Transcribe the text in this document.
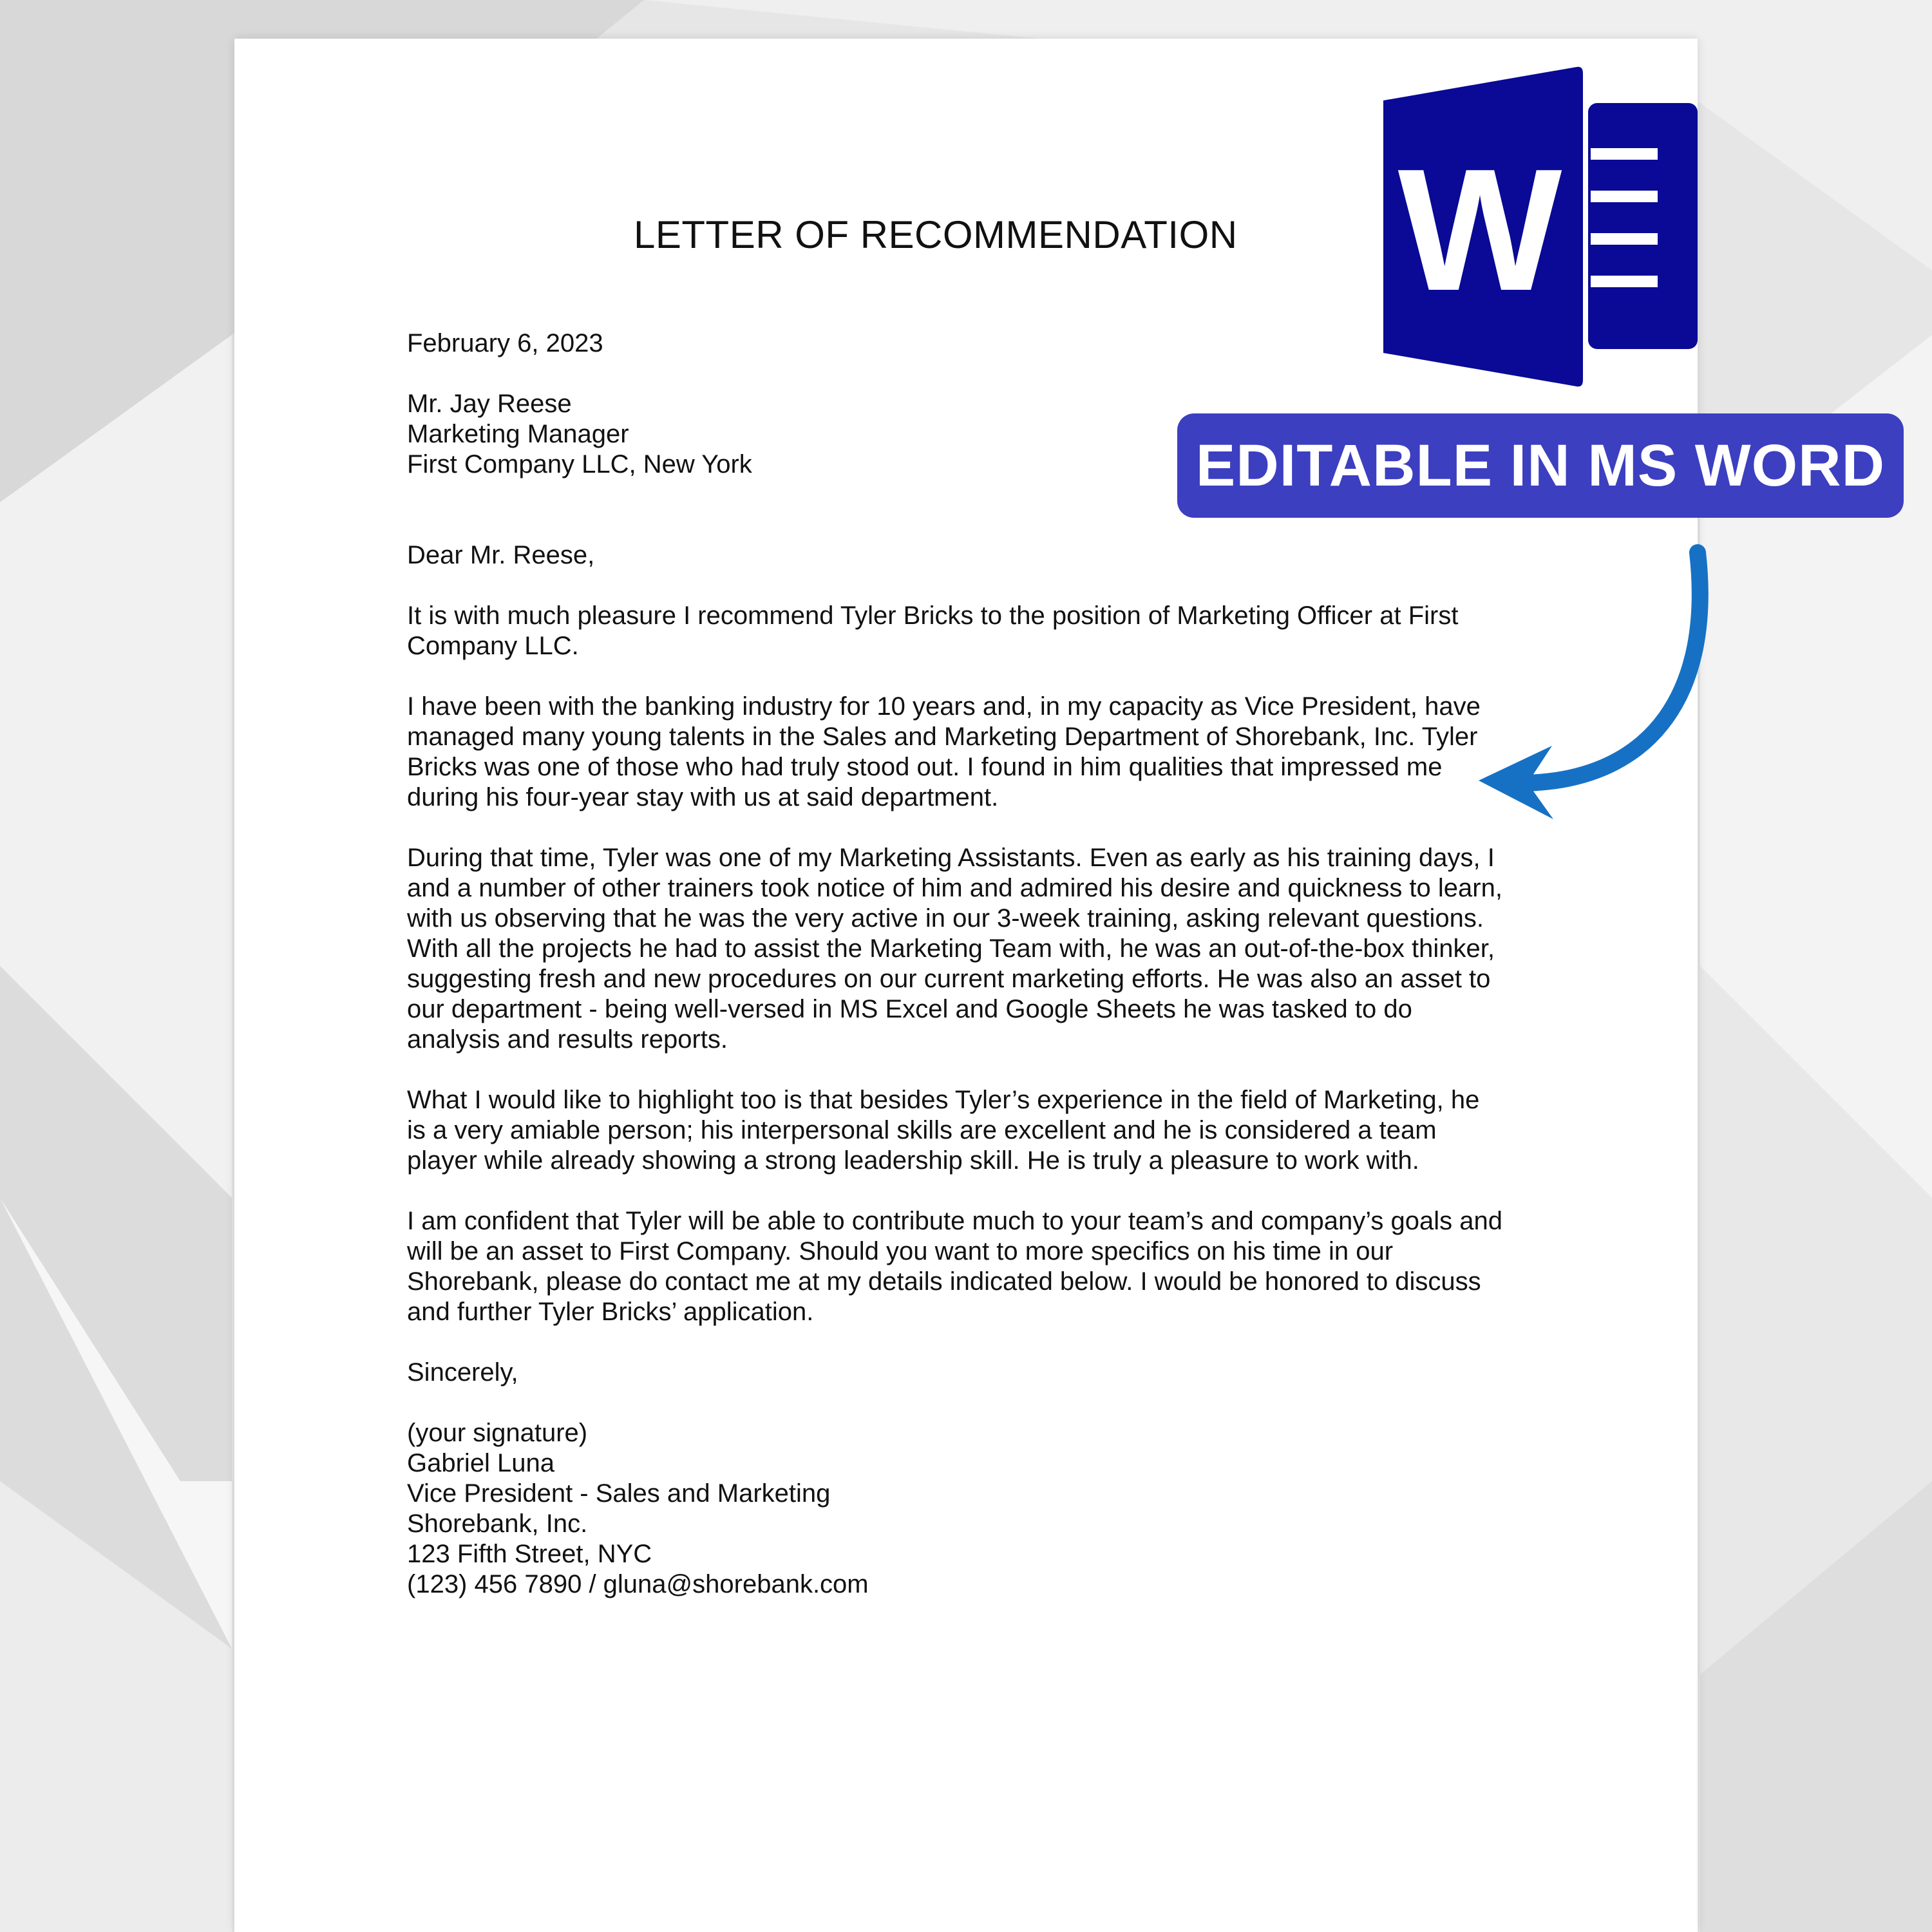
LETTER OF RECOMMENDATION

February 6, 2023

Mr. Jay Reese
Marketing Manager
First Company LLC, New York

Dear Mr. Reese,

It is with much pleasure I recommend Tyler Bricks to the position of Marketing Officer at First
Company LLC.

I have been with the banking industry for 10 years and, in my capacity as Vice President, have
managed many young talents in the Sales and Marketing Department of Shorebank, Inc. Tyler
Bricks was one of those who had truly stood out. I found in him qualities that impressed me
during his four-year stay with us at said department.

During that time, Tyler was one of my Marketing Assistants. Even as early as his training days, I
and a number of other trainers took notice of him and admired his desire and quickness to learn,
with us observing that he was the very active in our 3-week training, asking relevant questions.
With all the projects he had to assist the Marketing Team with, he was an out-of-the-box thinker,
suggesting fresh and new procedures on our current marketing efforts. He was also an asset to
our department - being well-versed in MS Excel and Google Sheets he was tasked to do
analysis and results reports.

What I would like to highlight too is that besides Tyler’s experience in the field of Marketing, he
is a very amiable person; his interpersonal skills are excellent and he is considered a team
player while already showing a strong leadership skill. He is truly a pleasure to work with.

I am confident that Tyler will be able to contribute much to your team’s and company’s goals and
will be an asset to First Company. Should you want to more specifics on his time in our
Shorebank, please do contact me at my details indicated below. I would be honored to discuss
and further Tyler Bricks’ application.

Sincerely,

(your signature)
Gabriel Luna
Vice President - Sales and Marketing
Shorebank, Inc.
123 Fifth Street, NYC
(123) 456 7890 / gluna@shorebank.com

W
EDITABLE IN MS WORD
